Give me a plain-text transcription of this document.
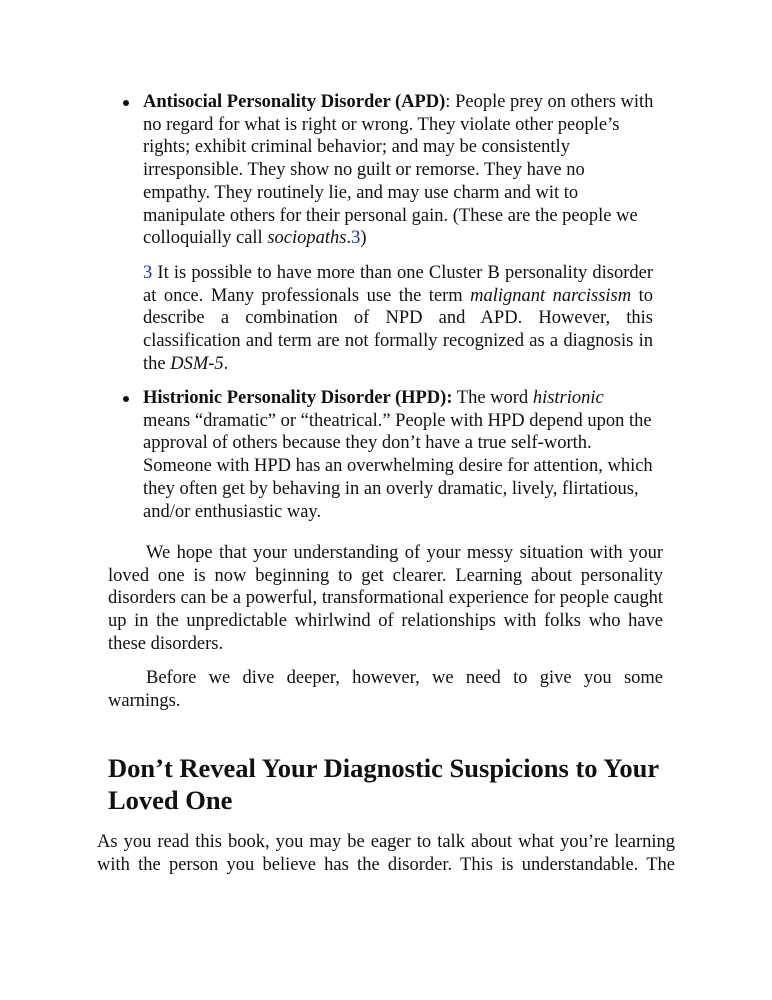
Antisocial Personality Disorder (APD): People prey on others with no regard for what is right or wrong. They violate other people’s rights; exhibit criminal behavior; and may be consistently irresponsible. They show no guilt or remorse. They have no empathy. They routinely lie, and may use charm and wit to manipulate others for their personal gain. (These are the people we colloquially call sociopaths.3)
3 It is possible to have more than one Cluster B personality disorder at once. Many professionals use the term malignant narcissism to describe a combination of NPD and APD. However, this classification and term are not formally recognized as a diagnosis in the DSM-5.
Histrionic Personality Disorder (HPD): The word histrionic means “dramatic” or “theatrical.” People with HPD depend upon the approval of others because they don’t have a true self-worth. Someone with HPD has an overwhelming desire for attention, which they often get by behaving in an overly dramatic, lively, flirtatious, and/or enthusiastic way.

We hope that your understanding of your messy situation with your loved one is now beginning to get clearer. Learning about personality disorders can be a powerful, transformational experience for people caught up in the unpredictable whirlwind of relationships with folks who have these disorders.

Before we dive deeper, however, we need to give you some warnings.

Don’t Reveal Your Diagnostic Suspicions to Your Loved One

As you read this book, you may be eager to talk about what you’re learning with the person you believe has the disorder. This is understandable. The
